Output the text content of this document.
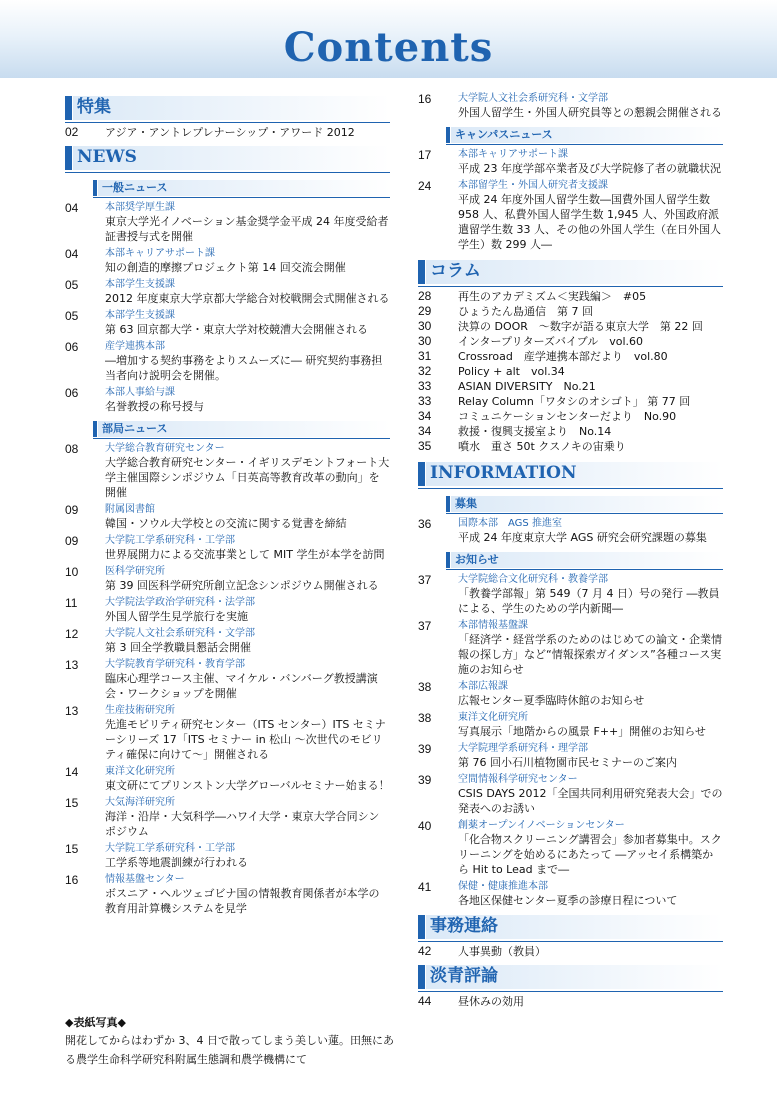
Contents
特集
02	アジア・アントレプレナーシップ・アワード 2012
NEWS
一般ニュース
04	本部奨学厚生課
東京大学光イノベーション基金奨学金平成 24 年度受給者証書授与式を開催
04	本部キャリアサポート課
知の創造的摩擦プロジェクト第 14 回交流会開催
05	本部学生支援課
2012 年度東京大学京都大学総合対校戦開会式開催される
05	本部学生支援課
第 63 回京都大学・東京大学対校競漕大会開催される
06	産学連携本部
―増加する契約事務をよりスムーズに― 研究契約事務担当者向け説明会を開催。
06	本部人事給与課
名誉教授の称号授与
部局ニュース
08	大学総合教育研究センター
大学総合教育研究センター・イギリスデモントフォート大学主催国際シンポジウム「日英高等教育改革の動向」を開催
09	附属図書館
韓国・ソウル大学校との交流に関する覚書を締結
09	大学院工学系研究科・工学部
世界展開力による交流事業として MIT 学生が本学を訪問
10	医科学研究所
第 39 回医科学研究所創立記念シンポジウム開催される
11	大学院法学政治学研究科・法学部
外国人留学生見学旅行を実施
12	大学院人文社会系研究科・文学部
第 3 回全学教職員懇話会開催
13	大学院教育学研究科・教育学部
臨床心理学コース主催、マイケル・バンバーグ教授講演会・ワークショップを開催
13	生産技術研究所
先進モビリティ研究センター（ITS センター）ITS セミナーシリーズ 17「ITS セミナー in 松山 ～次世代のモビリティ確保に向けて～」開催される
14	東洋文化研究所
東文研にてプリンストン大学グローバルセミナー始まる！
15	大気海洋研究所
海洋・沿岸・大気科学―ハワイ大学・東京大学合同シンポジウム
15	大学院工学系研究科・工学部
工学系等地震訓練が行われる
16	情報基盤センター
ボスニア・ヘルツェゴビナ国の情報教育関係者が本学の教育用計算機システムを見学
16	大学院人文社会系研究科・文学部
外国人留学生・外国人研究員等との懇親会開催される
キャンパスニュース
17	本部キャリアサポート課
平成 23 年度学部卒業者及び大学院修了者の就職状況
24	本部留学生・外国人研究者支援課
平成 24 年度外国人留学生数―国費外国人留学生数 958 人、私費外国人留学生数 1,945 人、外国政府派遣留学生数 33 人、その他の外国人学生（在日外国人学生）数 299 人―
コラム
28	再生のアカデミズム＜実践編＞　#05
29	ひょうたん島通信　第 7 回
30	決算の DOOR　～数字が語る東京大学　第 22 回
30	インタープリターズバイブル　vol.60
31	Crossroad　産学連携本部だより　vol.80
32	Policy + alt　vol.34
33	ASIAN DIVERSITY　No.21
33	Relay Column「ワタシのオシゴト」 第 77 回
34	コミュニケーションセンターだより　No.90
34	救援・復興支援室より　No.14
35	噴水　重さ 50t クスノキの宙乗り
INFORMATION
募集
36	国際本部　AGS 推進室
平成 24 年度東京大学 AGS 研究会研究課題の募集
お知らせ
37	大学院総合文化研究科・教養学部
「教養学部報」第 549（7 月 4 日）号の発行 ―教員による、学生のための学内新聞―
37	本部情報基盤課
「経済学・経営学系のためのはじめての論文・企業情報の探し方」など“情報探索ガイダンス”各種コース実施のお知らせ
38	本部広報課
広報センター夏季臨時休館のお知らせ
38	東洋文化研究所
写真展示「地階からの風景 F++」開催のお知らせ
39	大学院理学系研究科・理学部
第 76 回小石川植物園市民セミナーのご案内
39	空間情報科学研究センター
CSIS DAYS 2012「全国共同利用研究発表大会」での発表へのお誘い
40	創薬オープンイノベーションセンター
「化合物スクリーニング講習会」参加者募集中。スクリーニングを始めるにあたって ―アッセイ系構築から Hit to Lead まで―
41	保健・健康推進本部
各地区保健センター夏季の診療日程について
事務連絡
42	人事異動（教員）
淡青評論
44	昼休みの効用
◆表紙写真◆
開花してからはわずか 3、4 日で散ってしまう美しい蓮。田無にある農学生命科学研究科附属生態調和農学機構にて
